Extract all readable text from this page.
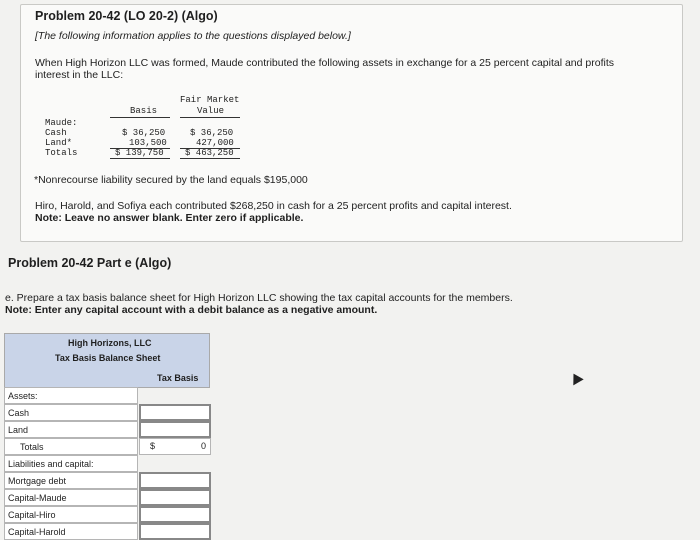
Problem 20-42 (LO 20-2) (Algo)
[The following information applies to the questions displayed below.]
When High Horizon LLC was formed, Maude contributed the following assets in exchange for a 25 percent capital and profits interest in the LLC:
Fair Market
Basis	Value
Maude:
Cash	$ 36,250	$ 36,250
Land*	103,500	427,000
Totals	$ 139,750 $ 463,250
*Nonrecourse liability secured by the land equals $195,000
Hiro, Harold, and Sofiya each contributed $268,250 in cash for a 25 percent profits and capital interest.
Note: Leave no answer blank. Enter zero if applicable.
Problem 20-42 Part e (Algo)
e. Prepare a tax basis balance sheet for High Horizon LLC showing the tax capital accounts for the members.
Note: Enter any capital account with a debit balance as a negative amount.
High Horizons, LLC
Tax Basis Balance Sheet
Tax Basis
Assets:
Cash
Land
Totals	$	0
Liabilities and capital:
Mortgage debt
Capital-Maude
Capital-Hiro
Capital-Harold
